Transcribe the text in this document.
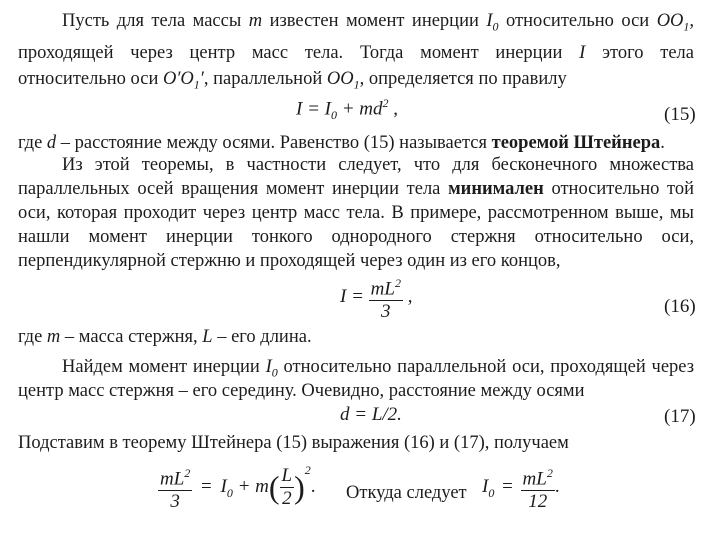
Пусть для тела массы m известен момент инерции $I_0$ относительно оси $OO_1$,
проходящей через центр масс тела. Тогда момент инерции I этого тела
относительно оси $O'O_1'$, параллельной $OO_1$, определяется по правилу
$I = I_0 + md^2$ ,	(15)
где d – расстояние между осями. Равенство (15) называется теоремой Штейнера.
Из этой теоремы, в частности следует, что для бесконечного множества
параллельных осей вращения момент инерции тела минимален относительно той
оси, которая проходит через центр масс тела. В примере, рассмотренном выше, мы
нашли момент инерции тонкого однородного стержня относительно оси,
перпендикулярной стержню и проходящей через один из его концов,
$I = \frac{mL^2}{3}$ ,	(16)
где m – масса стержня, L – его длина.
Найдем момент инерции $I_0$ относительно параллельной оси, проходящей через
центр масс стержня – его середину. Очевидно, расстояние между осями
d = L/2.	(17)
Подставим в теорему Штейнера (15) выражения (16) и (17), получаем
$\frac{mL^2}{3} = I_0 + m( \frac{L}{2} )^2$. Откуда следует $I_0 = \frac{mL^2}{12}$ .
